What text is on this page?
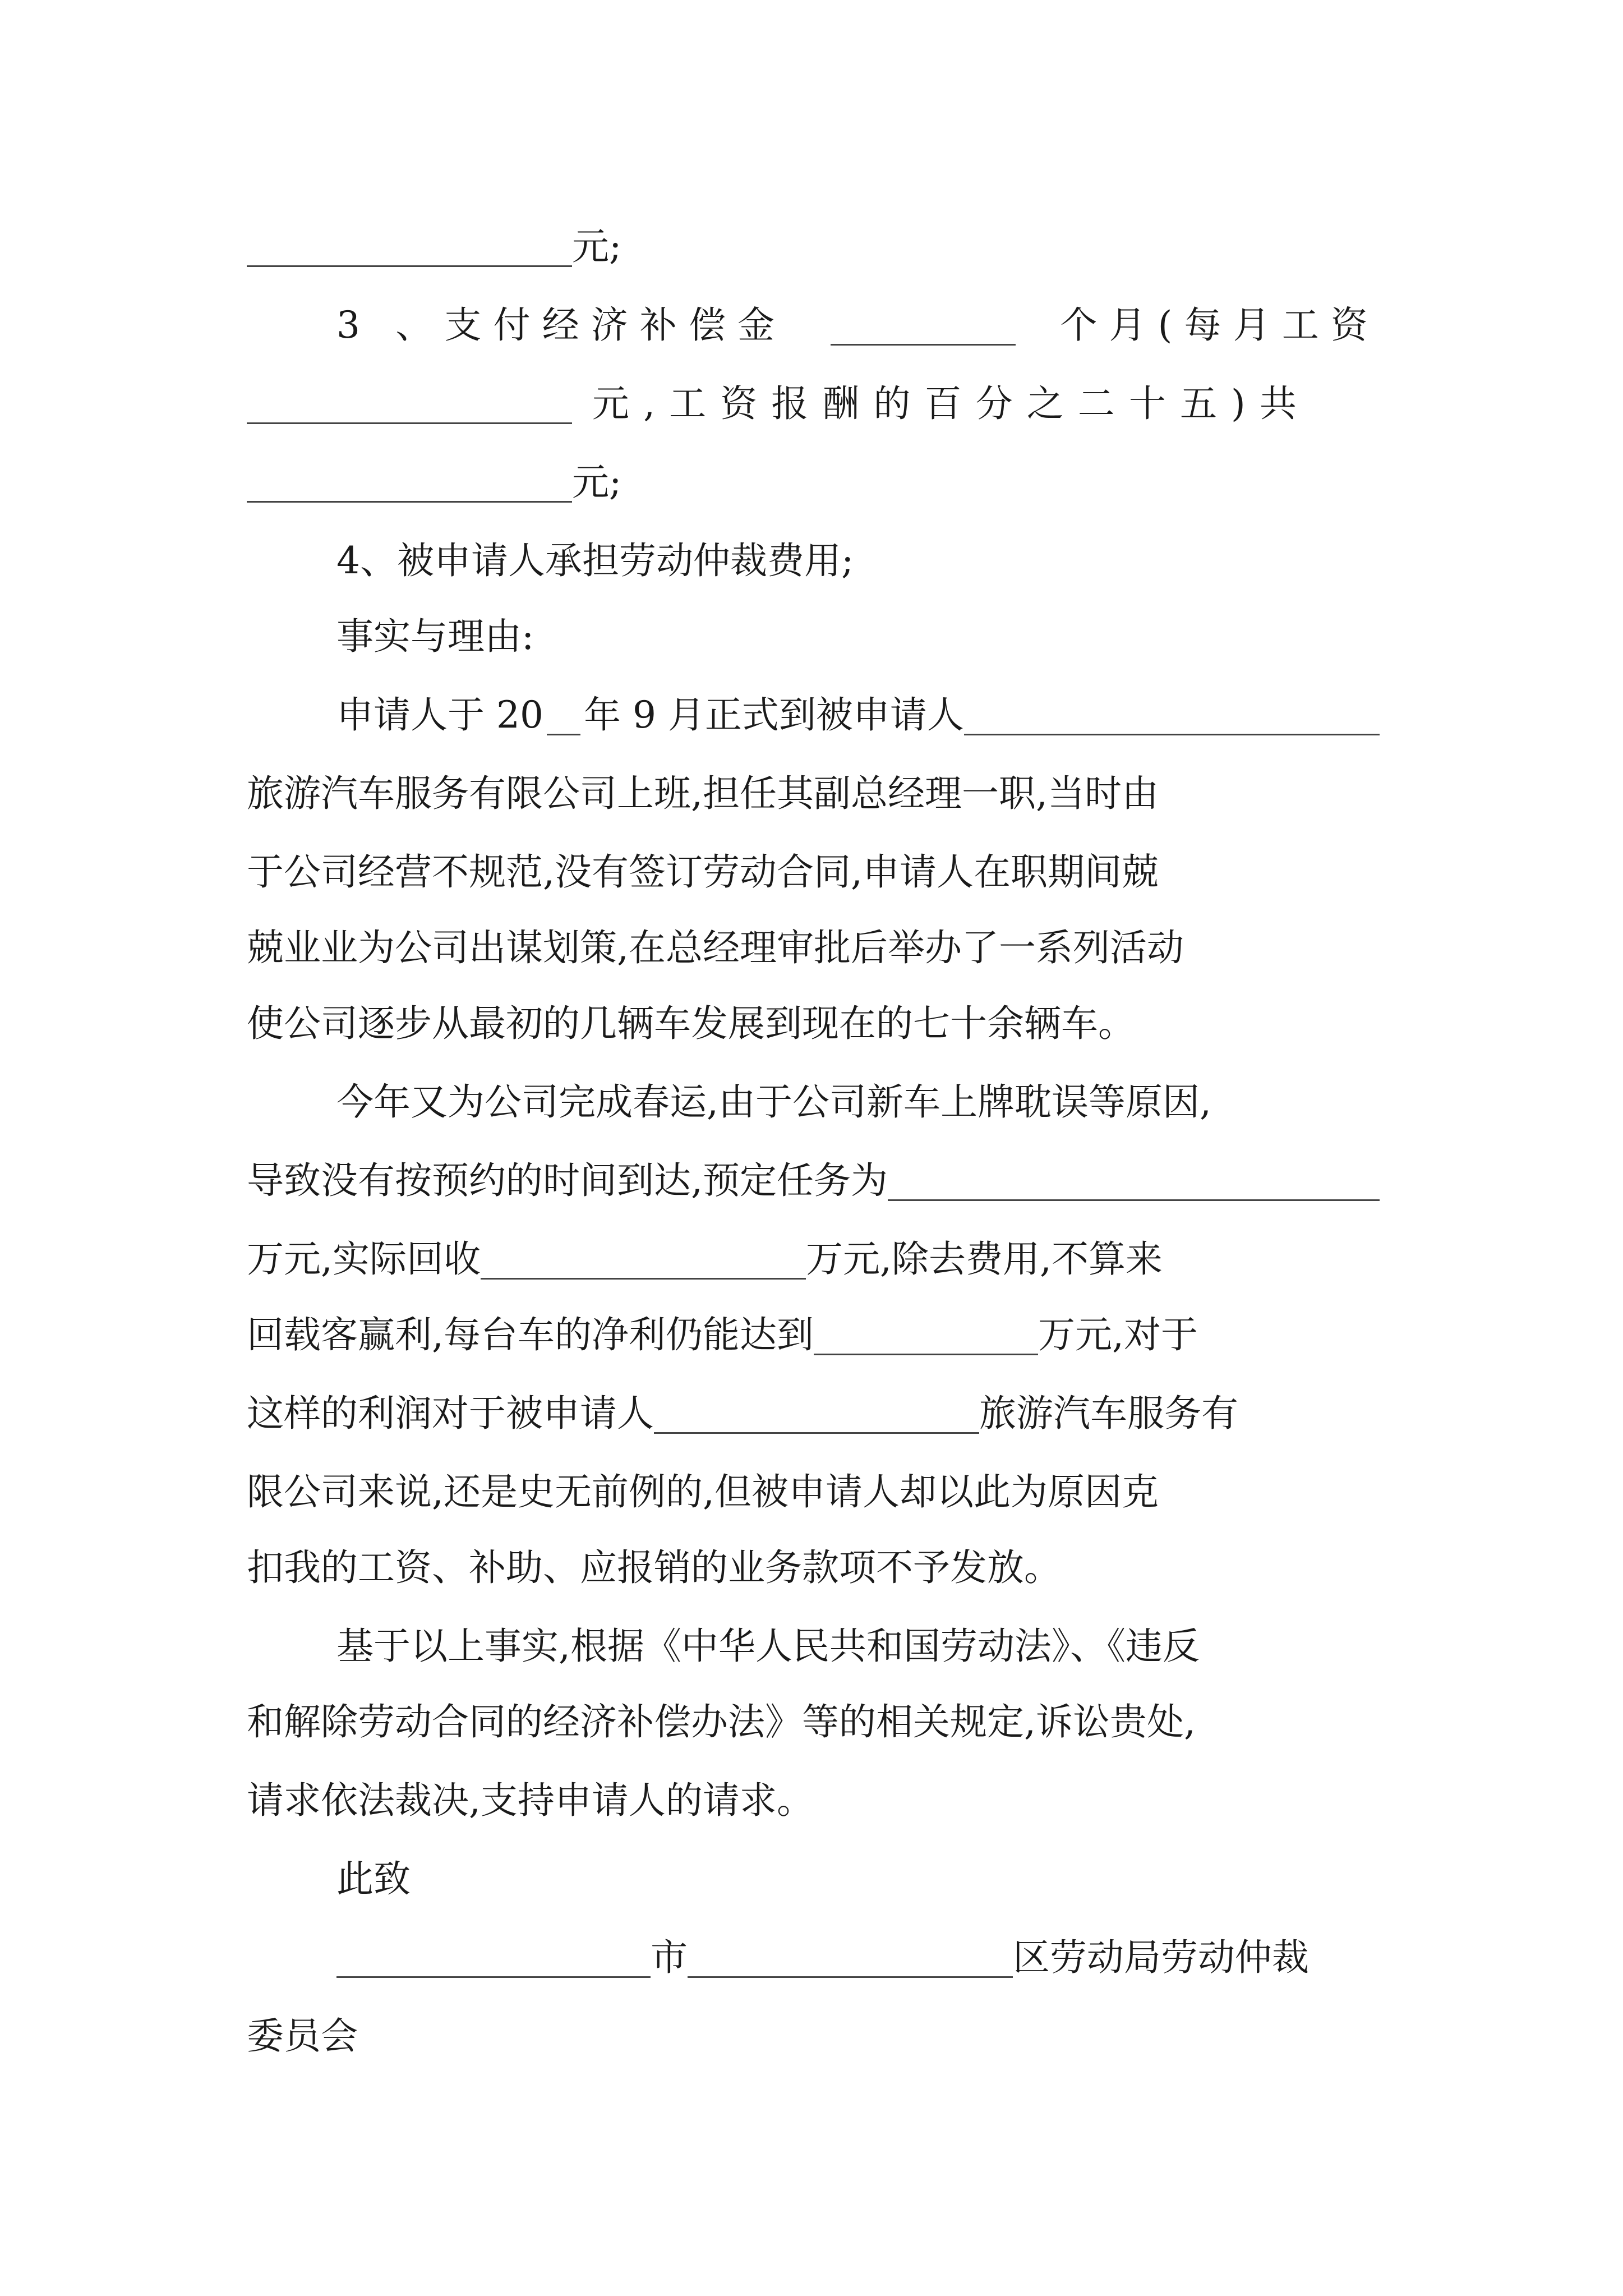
元;
3 、支付经济补偿金	个月(每月工资
元,工资报酬的百分之二十五)共
元;
4、被申请人承担劳动仲裁费用;
事实与理由:
申请人于 20 年 9 月正式到被申请人
旅游汽车服务有限公司上班,担任其副总经理一职,当时由
于公司经营不规范,没有签订劳动合同,申请人在职期间兢
兢业业为公司出谋划策,在总经理审批后举办了一系列活动
使公司逐步从最初的几辆车发展到现在的七十余辆车。
今年又为公司完成春运,由于公司新车上牌耽误等原因,
导致没有按预约的时间到达,预定任务为
万元,实际回收	万元,除去费用,不算来
回载客赢利,每台车的净利仍能达到	万元,对于
这样的利润对于被申请人	旅游汽车服务有
限公司来说,还是史无前例的,但被申请人却以此为原因克
扣我的工资、补助、应报销的业务款项不予发放。
基于以上事实,根据《中华人民共和国劳动法》、《违反
和解除劳动合同的经济补偿办法》等的相关规定,诉讼贵处,
请求依法裁决,支持申请人的请求。
此致
市	区劳动局劳动仲裁
委员会
